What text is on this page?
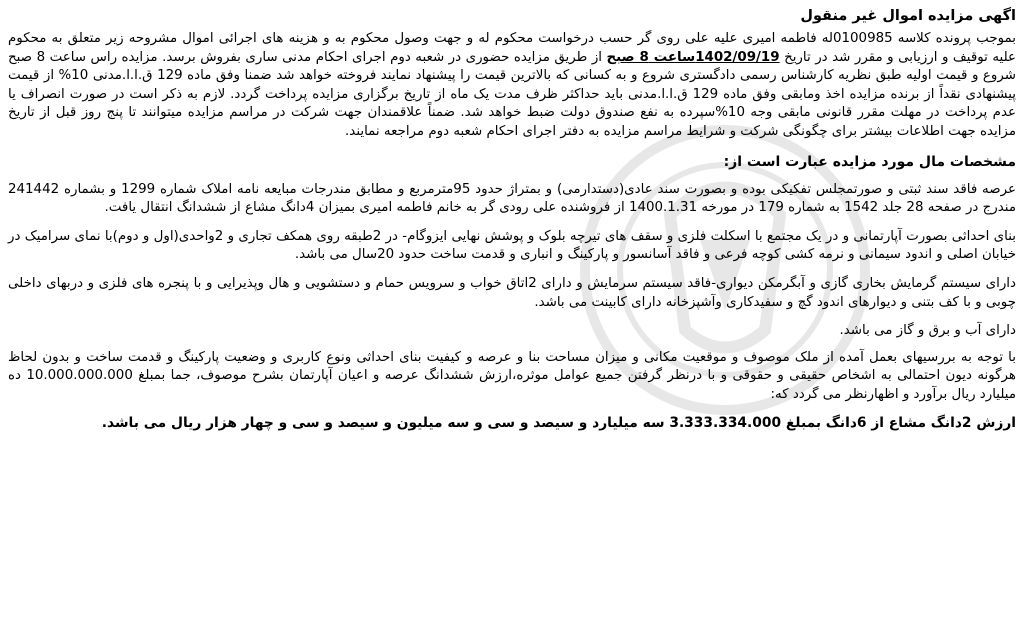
اگهی مزایده اموال غیر منقول

بموجب پرونده کلاسه 0100985له فاطمه امیری علیه علی روی گر حسب درخواست محکوم له و جهت وصول محکوم به و هزینه های اجرائی اموال مشروحه زیر متعلق به محکوم علیه توقیف و ارزیابی و مقرر شد در تاریخ 1402/09/19ساعت 8 صبح از طریق مزایده حضوری در شعبه دوم اجرای احکام مدنی ساری بفروش برسد. مزایده راس ساعت 8 صبح شروع و قیمت اولیه طبق نظریه کارشناس رسمی دادگستری شروع و به کسانی که بالاترین قیمت را پیشنهاد نمایند فروخته خواهد شد ضمنا وفق ماده 129 ق.ا.ا.مدنی 10% از قیمت پیشنهادی نقداً از برنده مزایده اخذ وما‌بقی وفق ماده 129 ق.ا.ا.مدنی باید حداکثر ظرف مدت یک ماه از تاریخ برگزاری مزایده پرداخت گردد. لازم به ذکر است در صورت انصراف یا عدم پرداخت در مهلت مقرر قانونی مابقی وجه 10%سپرده به نفع صندوق دولت ضبط خواهد شد. ضمناً علاقمندان جهت شرکت در مراسم مزایده میتوانند تا پنج روز قبل از تاریخ مزایده جهت اطلاعات بیشتر برای چگونگی شرکت و شرایط مراسم مزایده به دفتر اجرای احکام شعبه دوم مراجعه نمایند.

مشخصات مال مورد مزایده عبارت است از:

عرصه فاقد سند ثبتی و صورتمجلس تفکیکی بوده و بصورت سند عادی(دستدارمی) و بمتراژ حدود 95مترمربع و مطابق مندرجات مبایعه نامه املاک شماره 1299 و بشماره 241442 مندرج در صفحه 28 جلد 1542 به شماره 179 در مورخه 1400.1.31 از فروشنده علی رودی گر به خانم فاطمه امیری بمیزان 4دانگ مشاع از ششدانگ انتقال یافت.

بنای احداثی بصورت آپارتمانی و در یک مجتمع با اسکلت فلزی و سقف های تیرچه بلوک و پوشش نهایی ایزوگام- در 2طبقه روی همکف تجاری و 2واحدی(اول و دوم)با نمای سرامیک در خیابان اصلی و اندود سیمانی و نرمه کشی کوچه فرعی و فاقد آسانسور و پارکینگ و انباری و قدمت ساخت حدود 20سال می باشد.

دارای سیستم گرمایش بخاری گازی و آبگرمکن دیواری-فاقد سیستم سرمایش و دارای 2اتاق خواب و سرویس حمام و دستشویی و هال وپذیرایی و با پنجره های فلزی و دربهای داخلی چوبی و با کف بتنی و دیوارهای اندود گچ و سفیدکاری وآشپزخانه دارای کابینت می باشد.

دارای آب و برق و گاز می باشد.

با توجه به بررسیهای بعمل آمده از ملک موصوف و موقعیت مکانی و میزان مساحت بنا و عرصه و کیفیت بنای احداثی ونوع کاربری و وضعیت پارکینگ و قدمت ساخت و بدون لحاظ هرگونه دیون احتمالی به اشخاص حقیقی و حقوقی و با درنظر گرفتن جمیع عوامل موثره،ارزش ششدانگ عرصه و اعیان آپارتمان بشرح موصوف، جما بمبلغ 10.000.000.000 ده میلیارد ریال برآورد و اظهارنظر می گردد که:

ارزش 2دانگ مشاع از 6دانگ بمبلغ 3.333.334.000 سه میلیارد و سیصد و سی و سه میلیون و سیصد و سی و چهار هزار ریال می باشد.
